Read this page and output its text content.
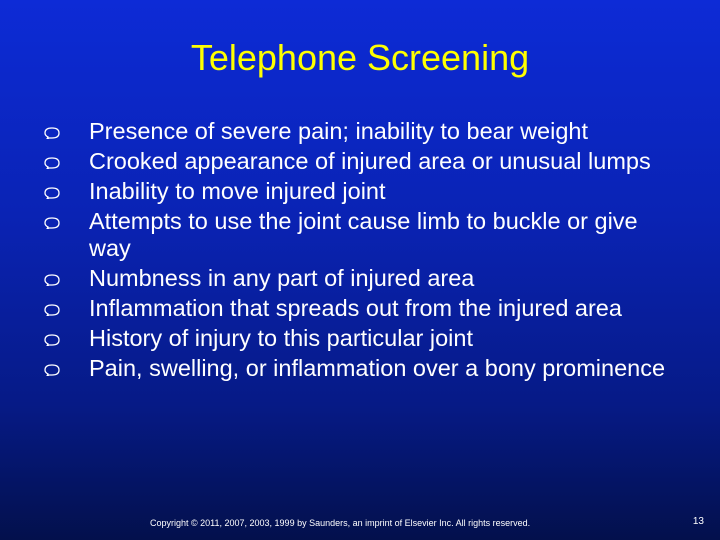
Telephone Screening
Presence of severe pain; inability to bear weight
Crooked appearance of injured area or unusual lumps
Inability to move injured joint
Attempts to use the joint cause limb to buckle or give way
Numbness in any part of injured area
Inflammation that spreads out from the injured area
History of injury to this particular joint
Pain, swelling, or inflammation over a bony prominence
Copyright © 2011, 2007, 2003, 1999 by Saunders, an imprint of Elsevier Inc. All rights reserved.	13
